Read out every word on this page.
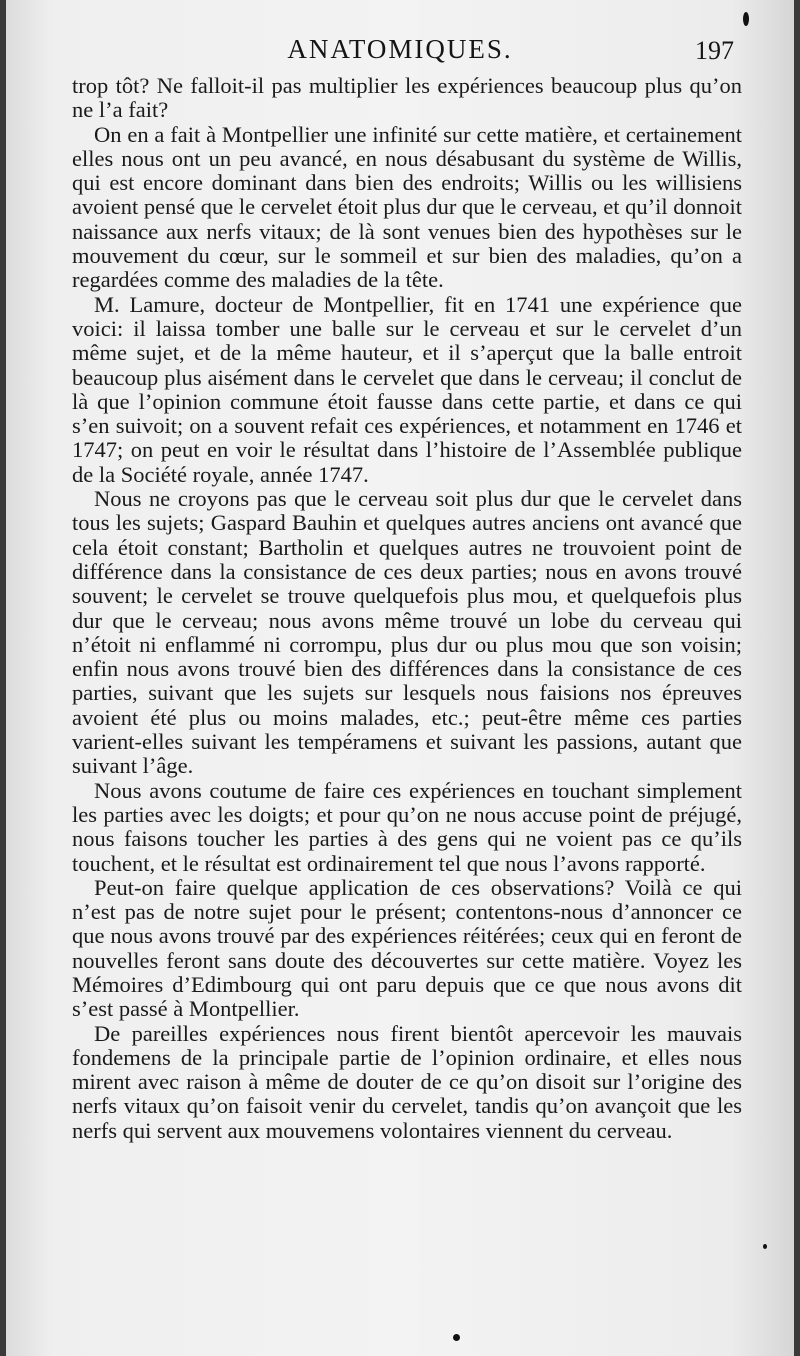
ANATOMIQUES.	197

trop tôt? Ne falloit-il pas multiplier les expériences beaucoup plus qu’on ne l’a fait?

On en a fait à Montpellier une infinité sur cette matière, et certainement elles nous ont un peu avancé, en nous désabusant du système de Willis, qui est encore dominant dans bien des endroits; Willis ou les willisiens avoient pensé que le cervelet étoit plus dur que le cerveau, et qu’il donnoit naissance aux nerfs vitaux; de là sont venues bien des hypothèses sur le mouvement du cœur, sur le sommeil et sur bien des maladies, qu’on a regardées comme des maladies de la tête.

M. Lamure, docteur de Montpellier, fit en 1741 une expérience que voici: il laissa tomber une balle sur le cerveau et sur le cervelet d’un même sujet, et de la même hauteur, et il s’aperçut que la balle entroit beaucoup plus aisément dans le cervelet que dans le cerveau; il conclut de là que l’opinion commune étoit fausse dans cette partie, et dans ce qui s’en suivoit; on a souvent refait ces expériences, et notamment en 1746 et 1747; on peut en voir le résultat dans l’histoire de l’Assemblée publique de la Société royale, année 1747.

Nous ne croyons pas que le cerveau soit plus dur que le cervelet dans tous les sujets; Gaspard Bauhin et quelques autres anciens ont avancé que cela étoit constant; Bartholin et quelques autres ne trouvoient point de différence dans la consistance de ces deux parties; nous en avons trouvé souvent; le cervelet se trouve quelquefois plus mou, et quelquefois plus dur que le cerveau; nous avons même trouvé un lobe du cerveau qui n’étoit ni enflammé ni corrompu, plus dur ou plus mou que son voisin; enfin nous avons trouvé bien des différences dans la consistance de ces parties, suivant que les sujets sur lesquels nous faisions nos épreuves avoient été plus ou moins malades, etc.; peut-être même ces parties varient-elles suivant les tempéramens et suivant les passions, autant que suivant l’âge.

Nous avons coutume de faire ces expériences en touchant simplement les parties avec les doigts; et pour qu’on ne nous accuse point de préjugé, nous faisons toucher les parties à des gens qui ne voient pas ce qu’ils touchent, et le résultat est ordinairement tel que nous l’avons rapporté.

Peut-on faire quelque application de ces observations? Voilà ce qui n’est pas de notre sujet pour le présent; contentons-nous d’annoncer ce que nous avons trouvé par des expériences réitérées; ceux qui en feront de nouvelles feront sans doute des découvertes sur cette matière. Voyez les Mémoires d’Edimbourg qui ont paru depuis que ce que nous avons dit s’est passé à Montpellier.

De pareilles expériences nous firent bientôt apercevoir les mauvais fondemens de la principale partie de l’opinion ordinaire, et elles nous mirent avec raison à même de douter de ce qu’on disoit sur l’origine des nerfs vitaux qu’on faisoit venir du cervelet, tandis qu’on avançoit que les nerfs qui servent aux mouvemens volontaires viennent du cerveau.
